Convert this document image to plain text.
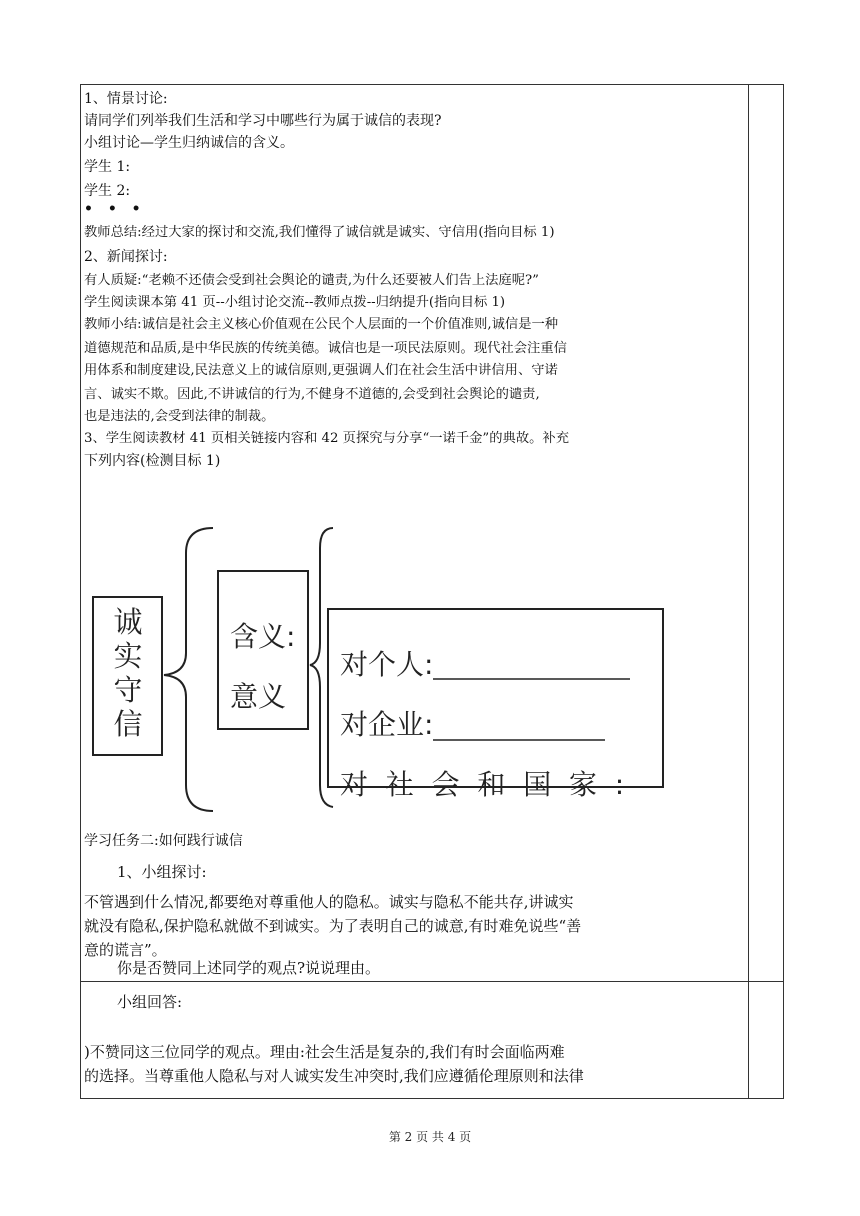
1、情景讨论:
请同学们列举我们生活和学习中哪些行为属于诚信的表现?
小组讨论—学生归纳诚信的含义。
学生 1:
学生 2:
• • •
教师总结:经过大家的探讨和交流,我们懂得了诚信就是诚实、守信用(指向目标 1)
2、新闻探讨:
有人质疑:“老赖不还债会受到社会舆论的谴责,为什么还要被人们告上法庭呢?”
学生阅读课本第 41 页--小组讨论交流--教师点拨--归纳提升(指向目标 1)
教师小结:诚信是社会主义核心价值观在公民个人层面的一个价值准则,诚信是一种
道德规范和品质,是中华民族的传统美德。诚信也是一项民法原则。现代社会注重信
用体系和制度建设,民法意义上的诚信原则,更强调人们在社会生活中讲信用、守诺
言、诚实不欺。因此,不讲诚信的行为,不健身不道德的,会受到社会舆论的谴责,
也是违法的,会受到法律的制裁。
3、学生阅读教材 41 页相关链接内容和 42 页探究与分享“一诺千金”的典故。补充
下列内容(检测目标 1)
诚实守信
含义:
意义
对个人:
对企业:
对  社  会  和  国  家  :
学习任务二:如何践行诚信
1、小组探讨:
不管遇到什么情况,都要绝对尊重他人的隐私。诚实与隐私不能共存,讲诚实
就没有隐私,保护隐私就做不到诚实。为了表明自己的诚意,有时难免说些“善
意的谎言”。
你是否赞同上述同学的观点?说说理由。
小组回答:
)不赞同这三位同学的观点。理由:社会生活是复杂的,我们有时会面临两难
的选择。当尊重他人隐私与对人诚实发生冲突时,我们应遵循伦理原则和法律
第 2 页 共 4 页
